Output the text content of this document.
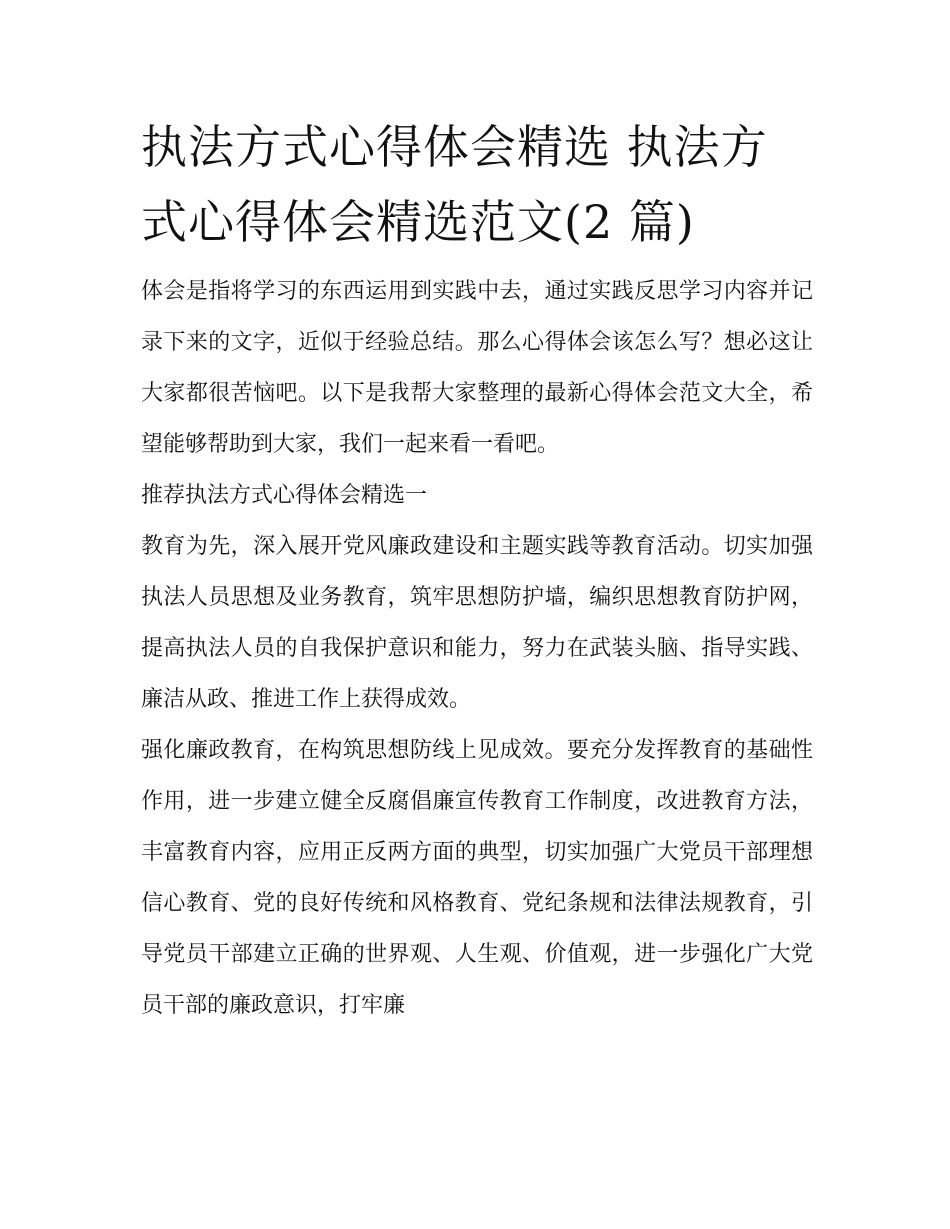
执法方式心得体会精选 执法方式心得体会精选范文(2 篇)

体会是指将学习的东西运用到实践中去，通过实践反思学习内容并记录下来的文字，近似于经验总结。那么心得体会该怎么写？想必这让大家都很苦恼吧。以下是我帮大家整理的最新心得体会范文大全，希望能够帮助到大家，我们一起来看一看吧。

推荐执法方式心得体会精选一

教育为先，深入展开党风廉政建设和主题实践等教育活动。切实加强执法人员思想及业务教育，筑牢思想防护墙，编织思想教育防护网，提高执法人员的自我保护意识和能力，努力在武装头脑、指导实践、廉洁从政、推进工作上获得成效。

强化廉政教育，在构筑思想防线上见成效。要充分发挥教育的基础性作用，进一步建立健全反腐倡廉宣传教育工作制度，改进教育方法，丰富教育内容，应用正反两方面的典型，切实加强广大党员干部理想信心教育、党的良好传统和风格教育、党纪条规和法律法规教育，引导党员干部建立正确的世界观、人生观、价值观，进一步强化广大党员干部的廉政意识，打牢廉
